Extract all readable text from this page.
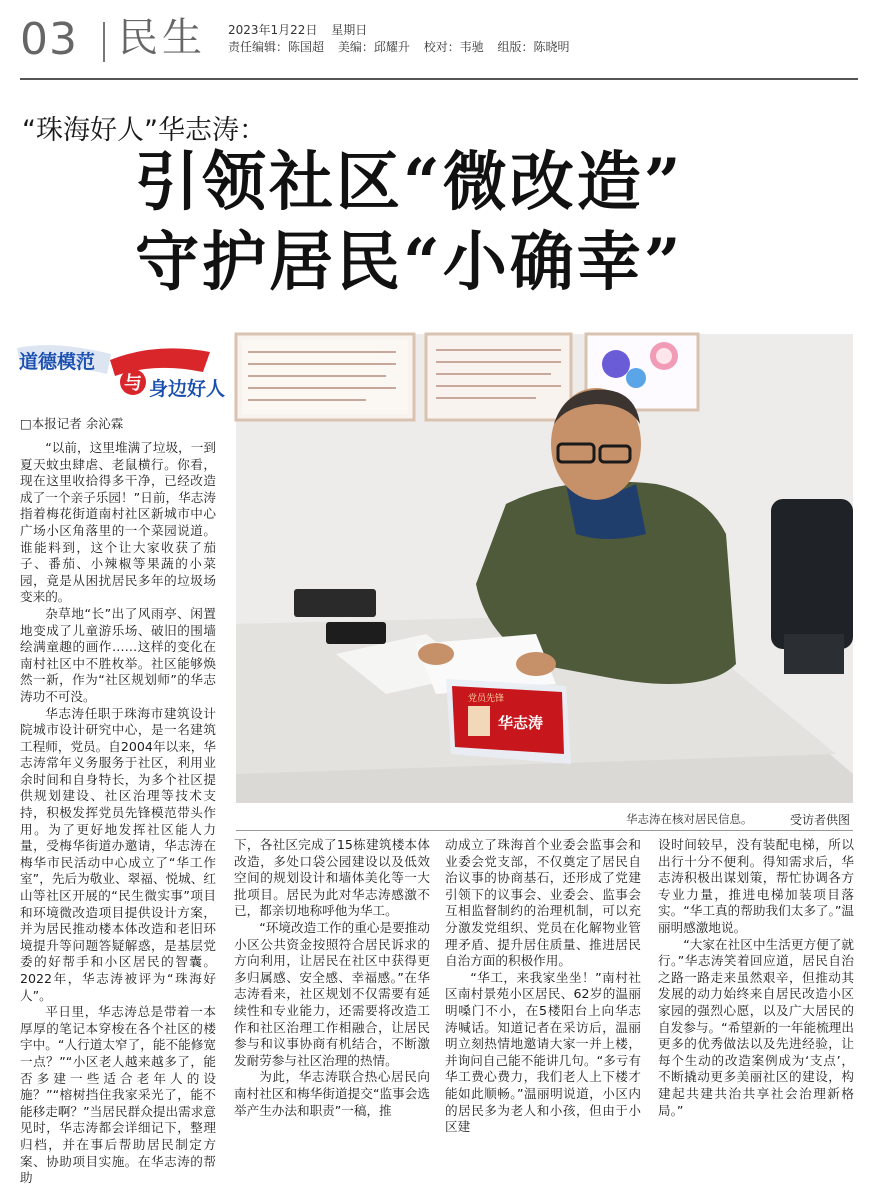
03 民生 2023年1月22日 星期日
责任编辑：陈国超 美编：邱耀升 校对：韦驰 组版：陈晓明
“珠海好人”华志涛：
引领社区“微改造”
守护居民“小确幸”
道德模范
与 身边好人
□本报记者 余沁霖

“以前，这里堆满了垃圾，一到夏天蚊虫肆虐、老鼠横行。你看，现在这里收拾得多干净，已经改造成了一个亲子乐园！”日前，华志涛指着梅花街道南村社区新城市中心广场小区角落里的一个菜园说道。谁能料到，这个让大家收获了茄子、番茄、小辣椒等果蔬的小菜园，竟是从困扰居民多年的垃圾场变来的。

杂草地“长”出了风雨亭、闲置地变成了儿童游乐场、破旧的围墙绘满童趣的画作……这样的变化在南村社区中不胜枚举。社区能够焕然一新，作为“社区规划师”的华志涛功不可没。

华志涛任职于珠海市建筑设计院城市设计研究中心，是一名建筑工程师，党员。自2004年以来，华志涛常年义务服务于社区，利用业余时间和自身特长，为多个社区提供规划建设、社区治理等技术支持，积极发挥党员先锋模范带头作用。为了更好地发挥社区能人力量，受梅华街道办邀请，华志涛在梅华市民活动中心成立了“华工作室”，先后为敬业、翠福、悦城、红山等社区开展的“民生微实事”项目和环境微改造项目提供设计方案，并为居民推动楼本体改造和老旧环境提升等问题答疑解惑，是基层党委的好帮手和小区居民的智囊。2022年，华志涛被评为“珠海好人”。

平日里，华志涛总是带着一本厚厚的笔记本穿梭在各个社区的楼宇中。“人行道太窄了，能不能修宽一点？”“小区老人越来越多了，能否多建一些适合老年人的设施？”“榕树挡住我家采光了，能不能移走啊？”当居民群众提出需求意见时，华志涛都会详细记下，整理归档，并在事后帮助居民制定方案、协助项目实施。在华志涛的帮助

党员先锋
华志涛
华志涛在核对居民信息。	受访者供图

下，各社区完成了15栋建筑楼本体改造，多处口袋公园建设以及低效空间的规划设计和墙体美化等一大批项目。居民为此对华志涛感激不已，都亲切地称呼他为华工。

“环境改造工作的重心是要推动小区公共资金按照符合居民诉求的方向利用，让居民在社区中获得更多归属感、安全感、幸福感。”在华志涛看来，社区规划不仅需要有延续性和专业能力，还需要将改造工作和社区治理工作相融合，让居民参与和议事协商有机结合，不断激发耐劳参与社区治理的热情。

为此，华志涛联合热心居民向南村社区和梅华街道提交“监事会选举产生办法和职责”一稿，推

动成立了珠海首个业委会监事会和业委会党支部，不仅奠定了居民自治议事的协商基石，还形成了党建引领下的议事会、业委会、监事会互相监督制约的治理机制，可以充分激发党组织、党员在化解物业管理矛盾、提升居住质量、推进居民自治方面的积极作用。

“华工，来我家坐坐！”南村社区南村景苑小区居民、62岁的温丽明嗓门不小，在5楼阳台上向华志涛喊话。知道记者在采访后，温丽明立刻热情地邀请大家一并上楼，并询问自己能不能讲几句。“多亏有华工费心费力，我们老人上下楼才能如此顺畅。”温丽明说道，小区内的居民多为老人和小孩，但由于小区建

设时间较早，没有装配电梯，所以出行十分不便利。得知需求后，华志涛积极出谋划策，帮忙协调各方专业力量，推进电梯加装项目落实。“华工真的帮助我们太多了。”温丽明感激地说。

“大家在社区中生活更方便了就行。”华志涛笑着回应道，居民自治之路一路走来虽然艰辛，但推动其发展的动力始终来自居民改造小区家园的强烈心愿，以及广大居民的自发参与。“希望新的一年能梳理出更多的优秀做法以及先进经验，让每个生动的改造案例成为‘支点’，不断撬动更多美丽社区的建设，构建起共建共治共享社会治理新格局。”
